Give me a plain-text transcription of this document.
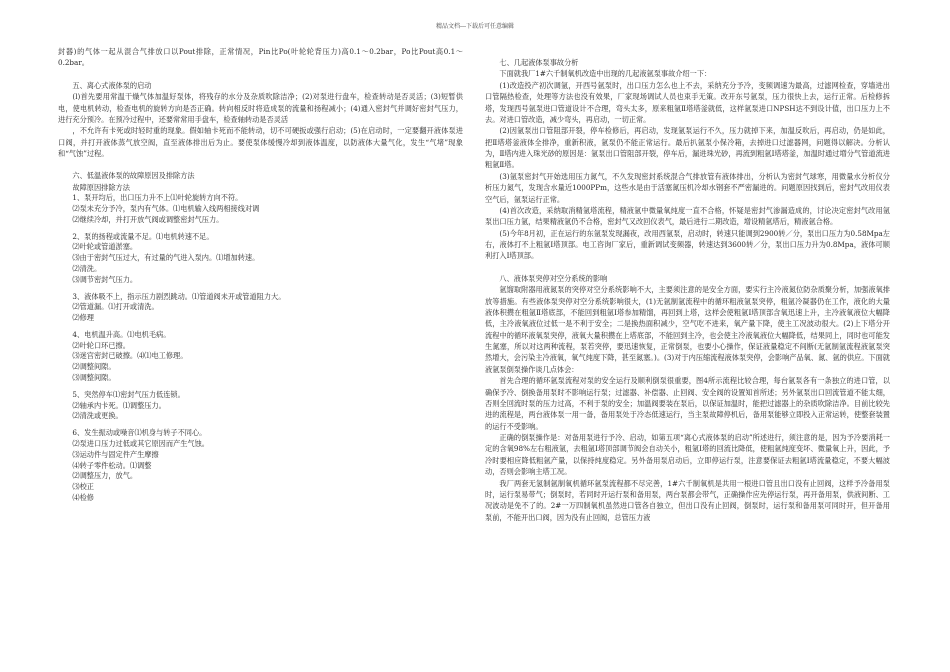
精品文档---下载后可任意编辑

封器)的气体一起从混合气排放口以Pout排除，正常情况，Pin比Po(叶轮轮背压力)高0.1～0.2bar，Po比Pout高0.1～0.2bar。

五、离心式液体泵的启动

(l)首先要用常温干燥气体加温好泵体，将残存的水分及杂质吹除洁净；(2)对泵进行盘车，检查转动是否灵活；(3)短暂供电，使电机转动，检查电机的旋转方向是否正确。转向相反时将造成泵的流量和扬程减小；(4)通入密封气并调好密封气压力，进行充分预冷。在预冷过程中，还要常常用手盘车，检查轴转动是否灵活

，不允许有卡死或时轻时重的现象。假如轴卡死而不能转动，切不可硬扳或强行启动；(5)在启动时，一定要翻开液体泵进口阀，并打开液体蒸气放空阀，直至液体排出后为止。要使泵体缓慢冷却到液体温度，以防液体大量气化，发生“气堵”现象和“气蚀”过程。

六、低温液体泵的故障原因及排除方法

故障原因排除方法

1、泵开均后，出口压力升不上⑴叶轮旋转方向不符。

⑵泵未充分予冷，泵内有气体。⑴电机输入线两相接线对调

⑵继续冷却，并打开放气阀或调整密封气压力。

2、泵的扬程或流量不足。⑴电机转速不足。

⑵叶轮或管道淤塞。

⑶由于密封气压过大，有过量的气进入泵内。⑴增加转速。

⑵清洗。

⑶调节密封气压力。

3、液体吸不上，指示压力剧烈跳动。⑴管道阀未开或管道阻力大。

⑵管道漏。⑴打开或清洗。

⑵修理

4、电机温升高。⑴电机毛病。

⑵叶轮口环已擦。

⑶迷宫密封已破擦。⑷⑴电工修理。

⑵调整间隙。

⑶调整间隙。

5、突然停车⑴密封气压力低连锁。

⑵轴承内卡死。⑴调整压力。

⑵清洗或更换。

6、发生振动或噪音⑴机身与转子不同心。

⑵泵进口压力过低或其它原因而产生气蚀。

⑶运动件与固定件产生摩擦

⑷转子零件松动。⑴调整

⑵调整压力，放气。

⑶校正

⑷检修

七、几起液体泵事故分析

下面就我厂1#六千制氧机改造中出现的几起液氩泵事故介绍一下：

(1)改造投产初次调氩，开西号氩泵时，出口压力怎么也上不去，采纳充分予冷，变频调速为最高，过滤网检查，穿墙进出口管隔热检查，处理等方法也没有效果，厂家现场调试人员也束手无策。改开东号氩泵，压力很快上去，运行正常。后检修拆塔，发现西号氩泵进口管道设计不合理，弯头太多，原来粗氩Ⅱ塔塔釜就低，这样氩泵进口NPSH达不到设计值，出口压力上不去。对进口管改造，减少弯头，再启动，一切正常。

(2)因氩泵出口管阻部开裂，停车检修后，再启动，发现氩泵运行不久，压力就掉下来，加温反吹后，再启动，仍是如此，把Ⅱ塔塔釜液体全排净，重新积液，氩泵仍不能正常运行。最后扒氩泵小保冷箱，去掉进口过滤器网，问题得以解决。分析认为，Ⅱ塔内进入珠光砂的原因是：氩泵出口管阻部开裂，停车后，漏进珠光砂，再流到粗氩Ⅰ塔塔釜，加温时通过増分气管道流进粗氩Ⅱ塔。

(3)氩泵密封气开始选用压力氮气，不久发现密封系统混合气排放管有液体排出，分析认为密封气球寒，用微量水分析仪分析压力氮气，发现含水量近1000PPm，这些水是由于活塞氮压机冷却水钢套不严密漏进的。问题原因找到后，密封气改用仪表空气后，氩泵运行正常。

(4)首次改造，采纳取消精氩塔流程，精液氩中微量氧纯度一直不合格，怀疑是密封气渗漏造成的，讨论决定密封气改用氩泵出口压力氩，结果精液氩仍不合格，密封气又改回仪表气，最后进行二期改造，增设精氩塔后，精液氩合格。

(5)今年8月初，正在运行的东氩泵发现漏夜，改用西氩泵，启动时，转速只能调到2900转／分，泵出口压力为0.58Mpa左右，液体打不上粗氩Ⅰ塔顶部。电工咨询厂家后，重新调试变频器，转速达到3600转／分，泵出口压力升为0.8Mpa，液体可顺利打入Ⅰ塔顶部。

八、液体泵突停对空分系统的影响

氩馏取附器用液氮泵的突停对空分系统影响不大，主要须注意的是安全方面，要实行主冷液氮位防杂质聚分析，加强液氧排放等措施。有些液体泵突停对空分系统影响很大，(1)无氩制氩流程中的循环粗液氩泵突停，粗氩冷凝器仍在工作，液化的大量液体积攒在粗氩Ⅱ塔底部，不能回到粗氩Ⅰ塔参加精馏，再回到上塔，这样会使粗氩Ⅰ塔顶部含氧迅速上升，主冷液氧液位大幅降低，主冷液氧液位过低一是不利于安全；二是换热面积减少，空气吃不进来，氧产量下降，使主工况波动很大。(2)上下塔分开流程中的循环液氧泵突停，液氧大量积攒在上塔底部，不能回到主冷，也会使主冷液氧液位大幅降低，结果同上，同时也可能发生氮塞，所以对这两种流程，泵若突停，要迅速恢复，正常倒泵，也要小心操作，保证液量稳定不间断(无氩制氩流程液氩泵突然增大，会污染主冷液氧，氧气纯度下降，甚至氮塞。)。(3)对于内压缩流程液体泵突停，会影响产品氧、氮、氩的供应。下面就液氩泵倒泵操作谈几点体会：

首先合理的循环氩泵流程对泵的安全运行及顺利倒泵很重要，图4所示流程比较合理，每台氩泵各有一条独立的进口管，以确保予冷、倒换备用泵时不影响运行泵；过滤器、补偿器、止回阀、安全阀的设置知首所述；另外氩泵出口回流管道不能太细，否则全回流时泵的压力过高，不利于泵的安全；加温阀要装在泵后，以保证加温时，能把过滤器上的杂质吹除洁净。目前比较先进的流程是，两台液体泵一用一备，备用泵处于冷态低速运行，当主泵故障停机后，备用泵能够立即投入正常运转，使整套装置的运行不受影响。

正确的倒泵操作是：对备用泵进行予冷、启动，如第五项“离心式液体泵的启动”所述进行，须注意的是，因为予冷要消耗一定的含氧98%左右粗液氩，去粗氩Ⅰ塔顶部调节阀会自动关小，粗氩Ⅰ塔的回流比降低，使粗氩纯度变坏、微量氧上升，因此，予冷时要相应降低粗氩产量，以保持纯度稳定。另外备用泵启动后，立即停运行泵，注意要保证去粗氩Ⅰ塔流量稳定，不要大幅波动，否则会影响主塔工况。

我厂两套无氢制氩制氧机循环氩泵流程都不尽完善，1#六千制氧机是共用一根进口管且出口没有止回阀，这样予冷备用泵时，运行泵易带气；倒泵时，若同时开运行泵和备用泵，两台泵都会带气，正确操作应先停运行泵，再开备用泵，供液间断、工况波动是免不了的。2#一万四制氧机虽然进口管各自独立，但出口没有止回阀，倒泵时，运行泵和备用泵可同时开，但开备用泵前，不能开出口阀，因为没有止回阀，总管压力液
